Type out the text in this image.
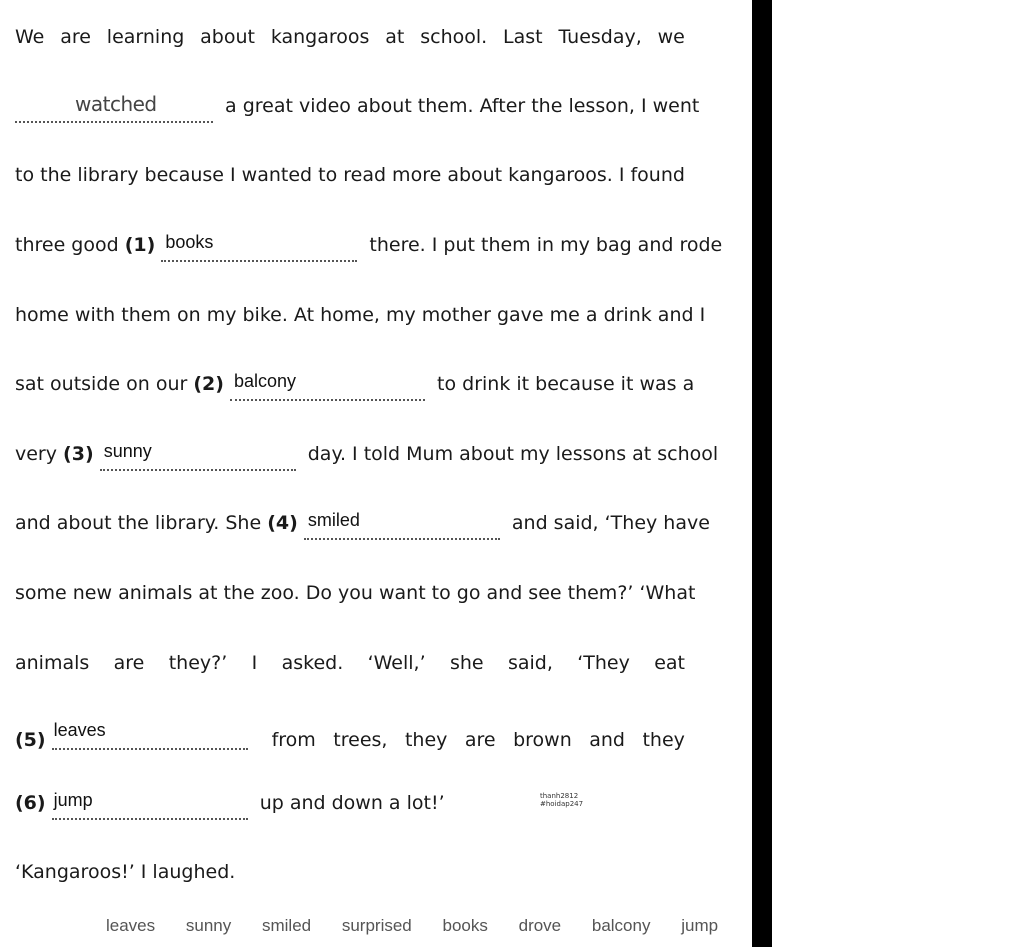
We are learning about kangaroos at school. Last Tuesday, we
watched	a great video about them. After the lesson, I went
to the library because I wanted to read more about kangaroos. I found
three good (1) books	there. I put them in my bag and rode
home with them on my bike. At home, my mother gave me a drink and I
sat outside on our (2) balcony	to drink it because it was a
very (3) sunny	day. I told Mum about my lessons at school
and about the library. She (4) smiled	and said, ‘They have
some new animals at the zoo. Do you want to go and see them?’ ‘What
animals are they?’ I asked. ‘Well,’ she said, ‘They eat
(5) leaves	from trees, they are brown and they
(6) jump	up and down a lot!’	thanh2812
#hoidap247
‘Kangaroos!’ I laughed.
leaves sunny smiled surprised books drove balcony jump
